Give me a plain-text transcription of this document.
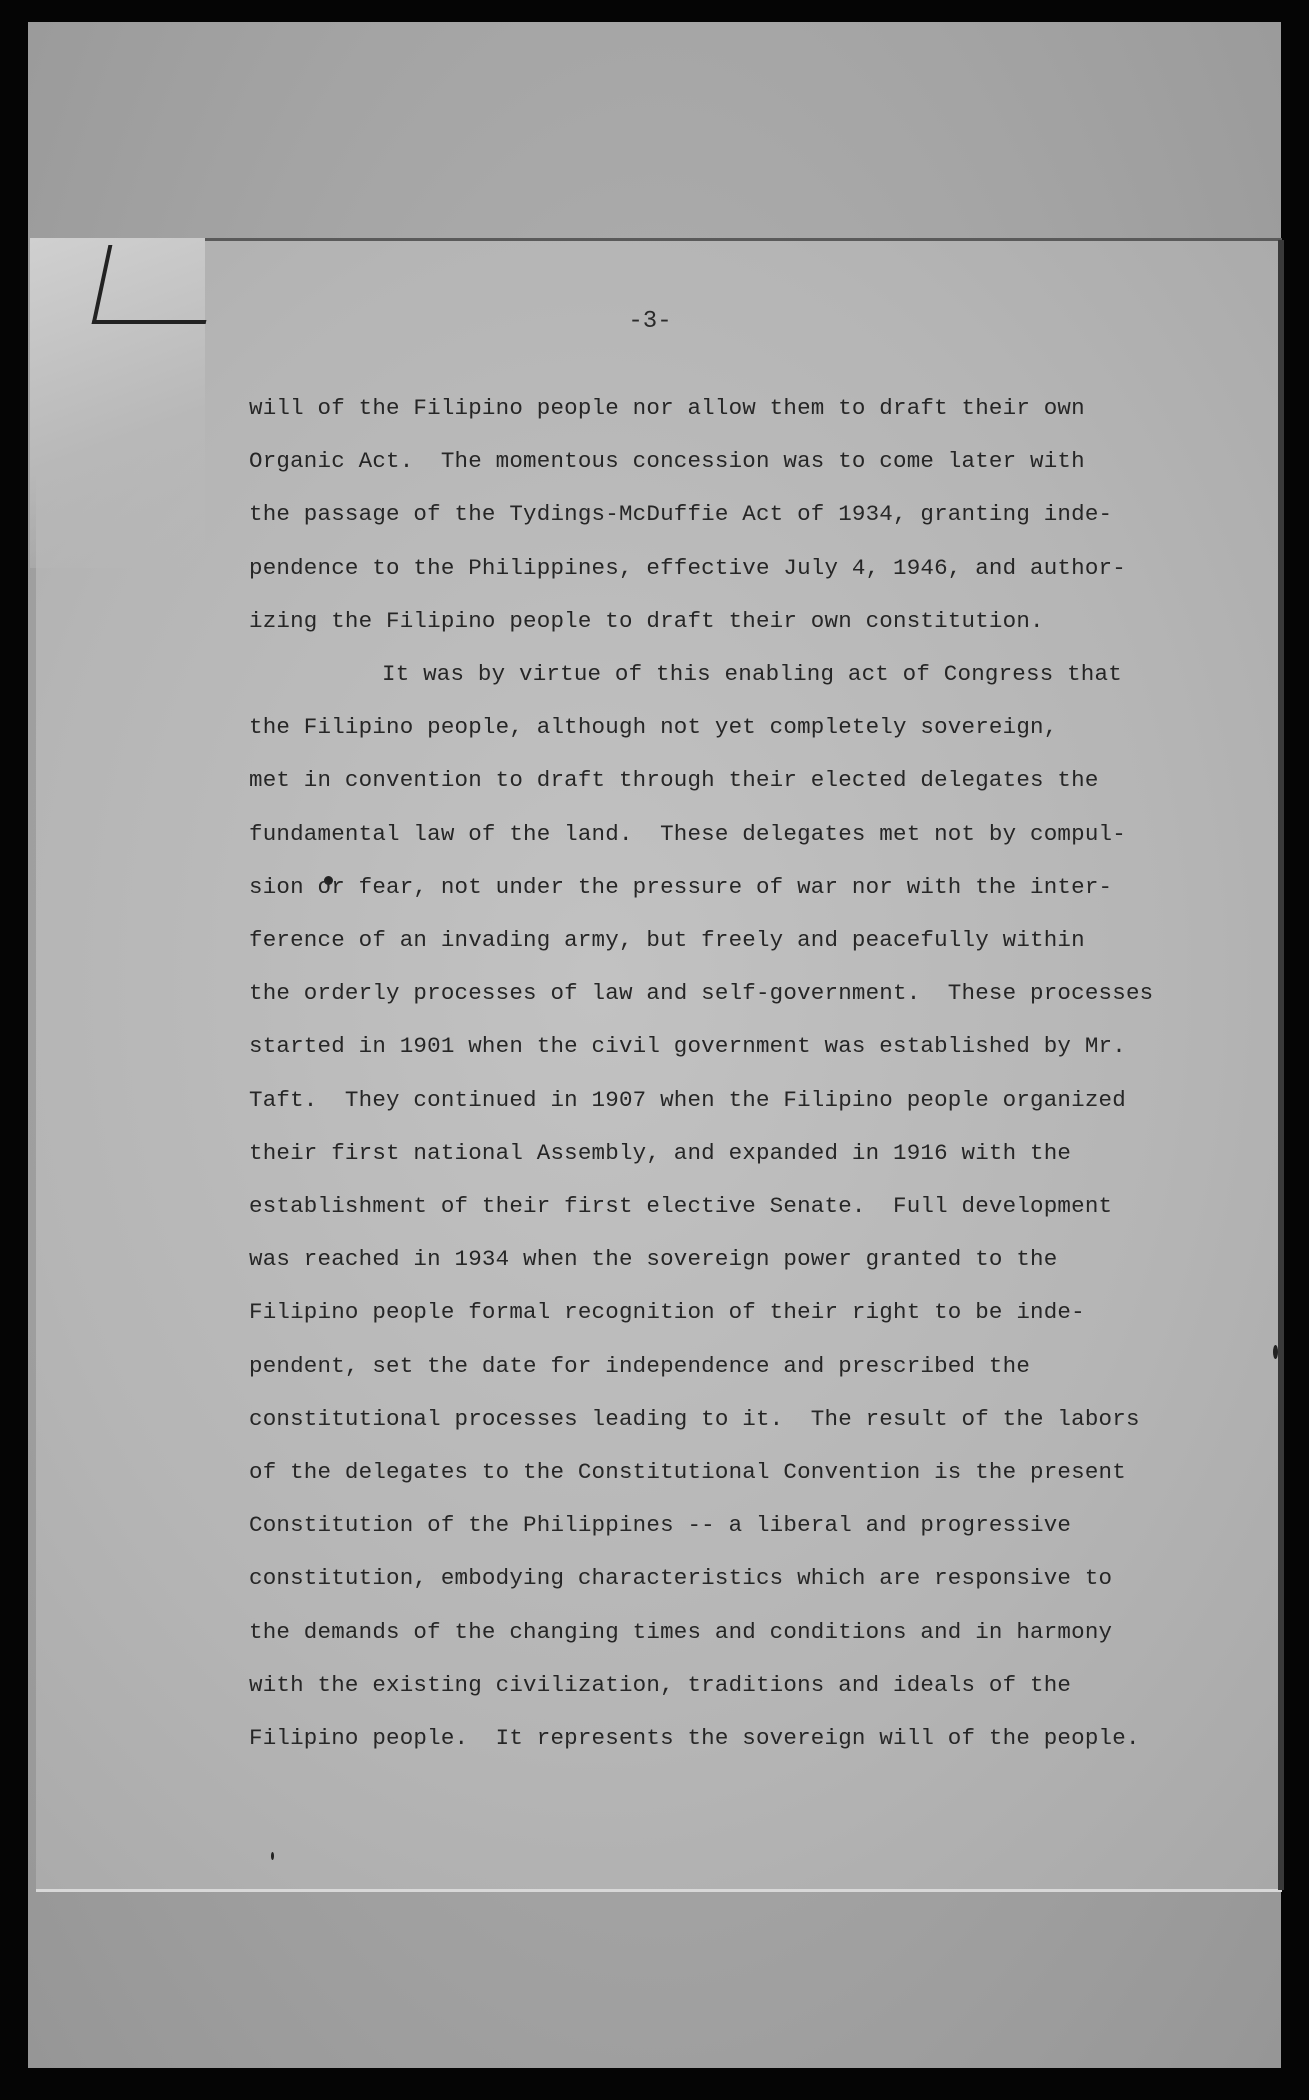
-3-
will of the Filipino people nor allow them to draft their own
Organic Act.  The momentous concession was to come later with
the passage of the Tydings-McDuffie Act of 1934, granting inde-
pendence to the Philippines, effective July 4, 1946, and author-
izing the Filipino people to draft their own constitution.
It was by virtue of this enabling act of Congress that
the Filipino people, although not yet completely sovereign,
met in convention to draft through their elected delegates the
fundamental law of the land.  These delegates met not by compul-
sion or fear, not under the pressure of war nor with the inter-
ference of an invading army, but freely and peacefully within
the orderly processes of law and self-government.  These processes
started in 1901 when the civil government was established by Mr.
Taft.  They continued in 1907 when the Filipino people organized
their first national Assembly, and expanded in 1916 with the
establishment of their first elective Senate.  Full development
was reached in 1934 when the sovereign power granted to the
Filipino people formal recognition of their right to be inde-
pendent, set the date for independence and prescribed the
constitutional processes leading to it.  The result of the labors
of the delegates to the Constitutional Convention is the present
Constitution of the Philippines -- a liberal and progressive
constitution, embodying characteristics which are responsive to
the demands of the changing times and conditions and in harmony
with the existing civilization, traditions and ideals of the
Filipino people.  It represents the sovereign will of the people.
